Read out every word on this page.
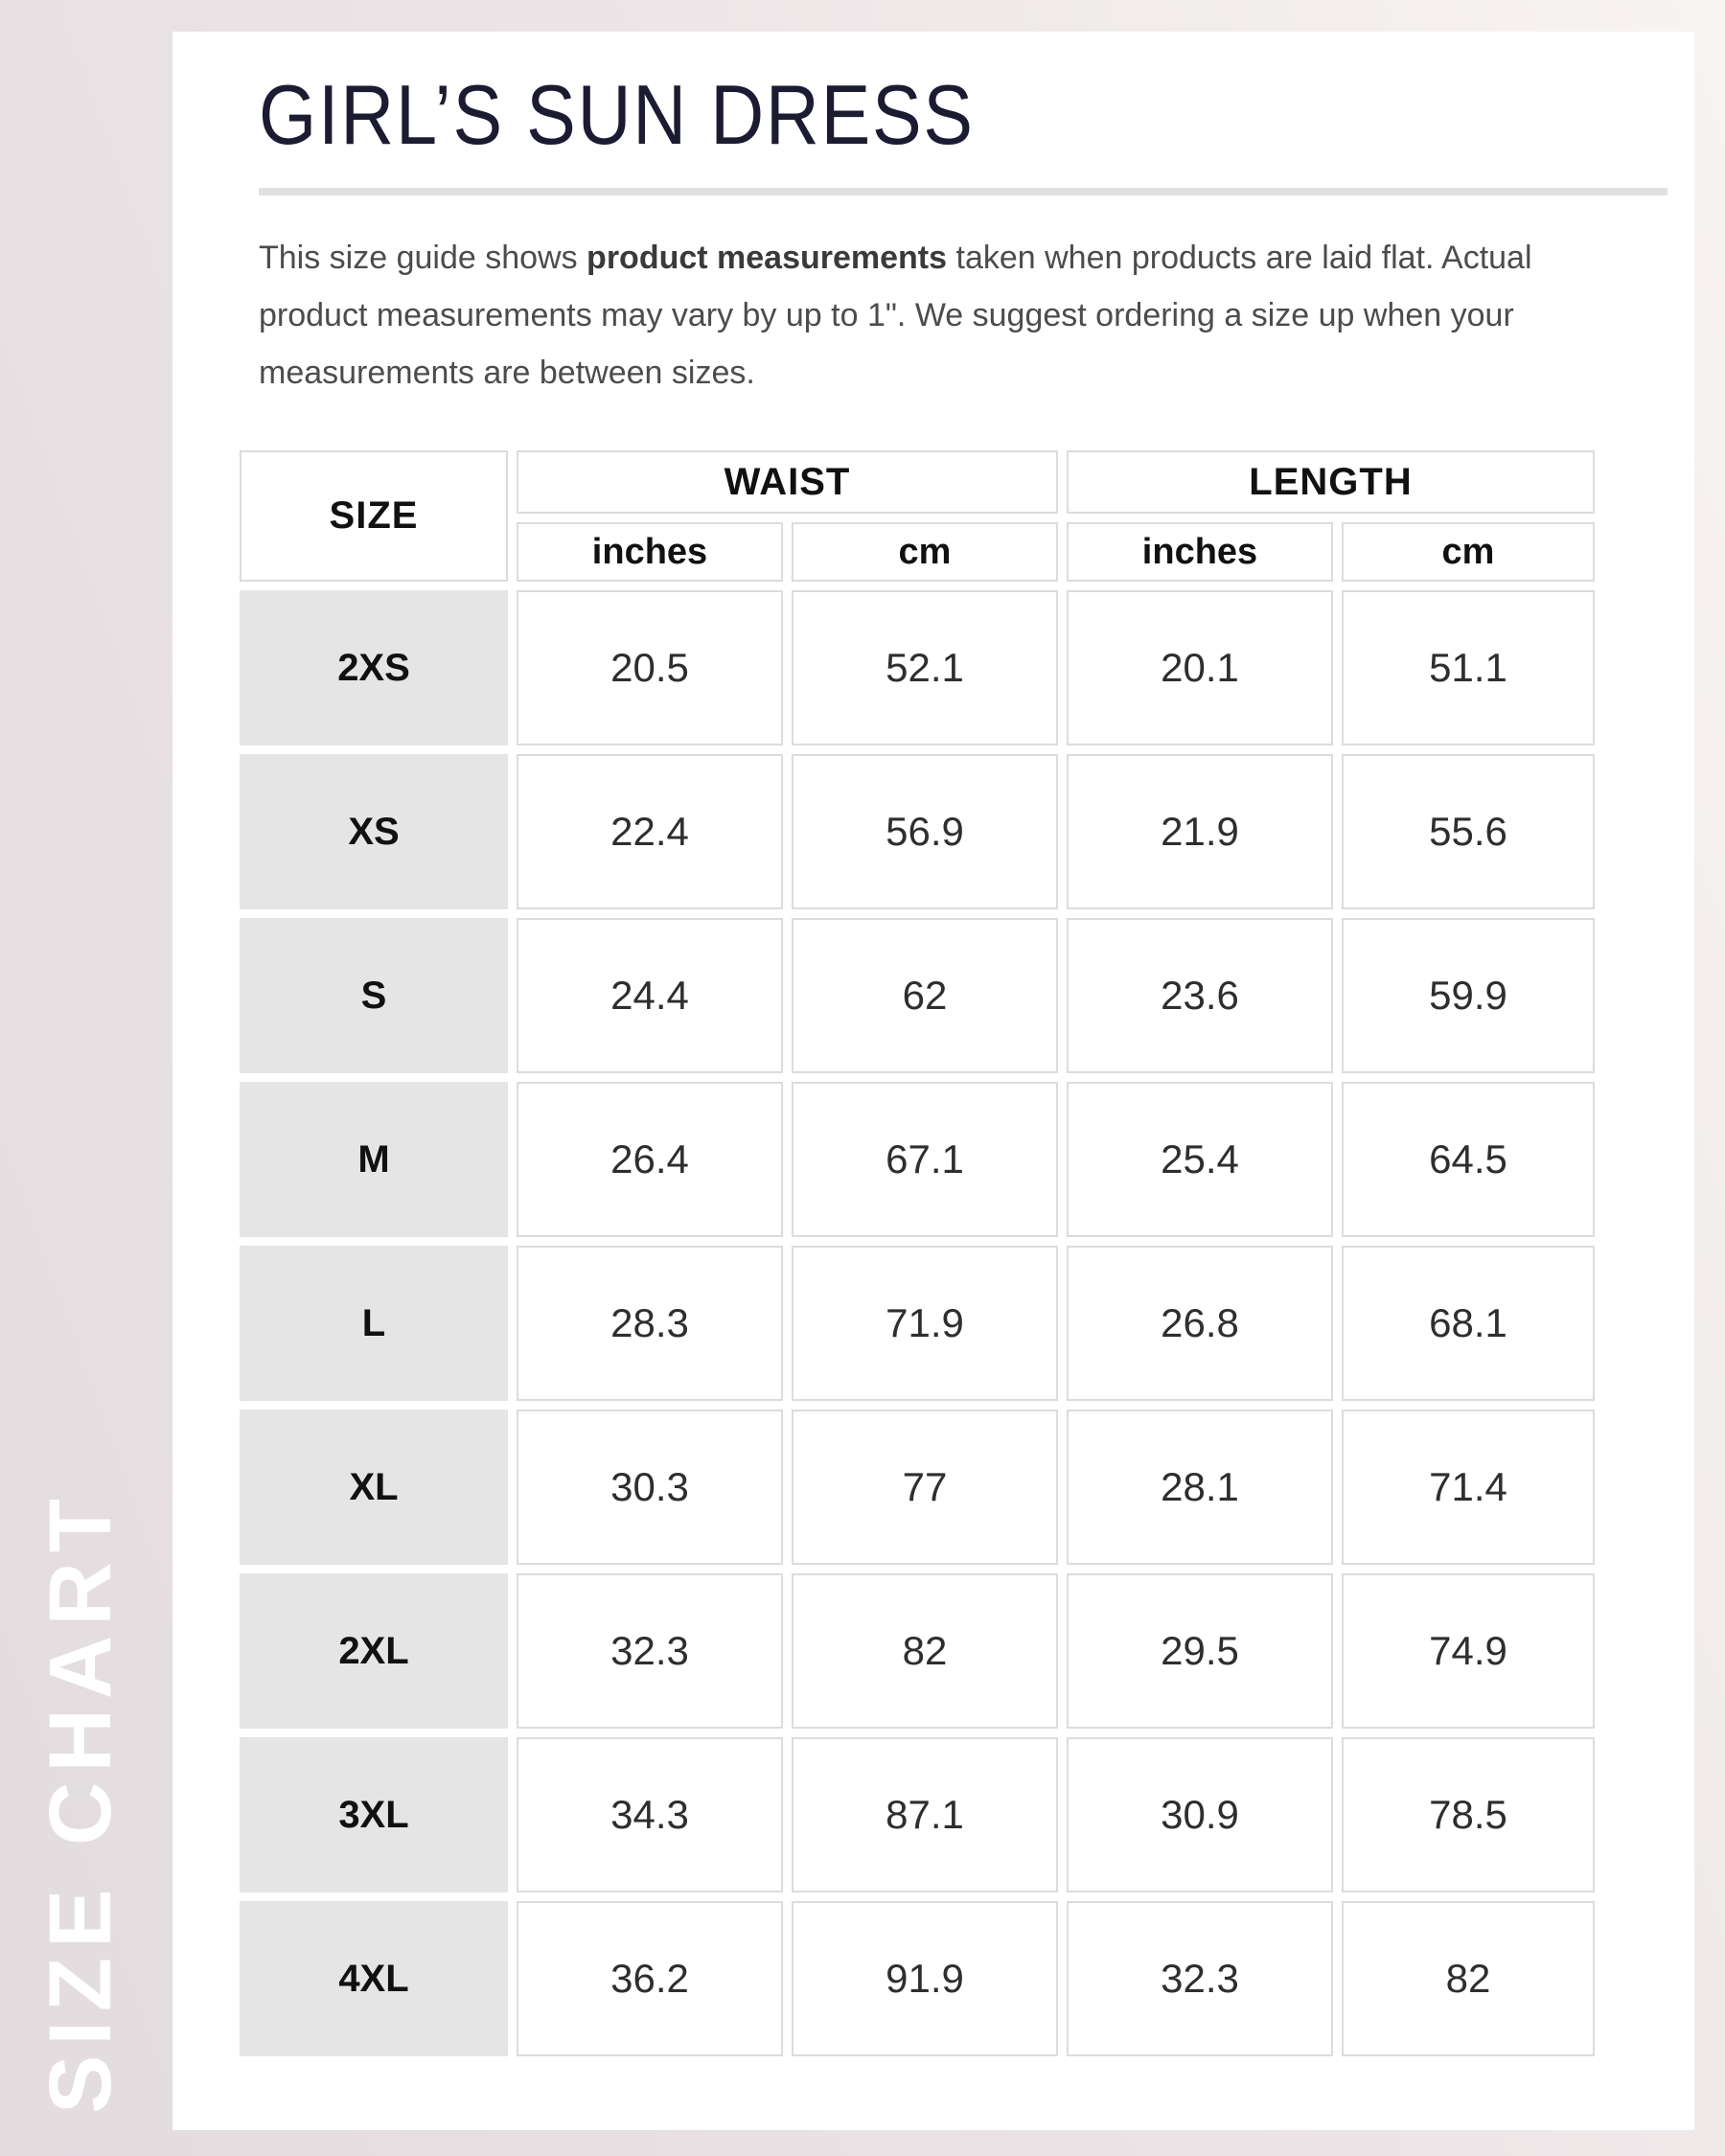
SIZE CHART
GIRL’S SUN DRESS

This size guide shows product measurements taken when products are laid flat. Actual product measurements may vary by up to 1". We suggest ordering a size up when your measurements are between sizes.

SIZE	WAIST		LENGTH	
	inches	cm	inches	cm
2XS	20.5	52.1	20.1	51.1
XS	22.4	56.9	21.9	55.6
S	24.4	62	23.6	59.9
M	26.4	67.1	25.4	64.5
L	28.3	71.9	26.8	68.1
XL	30.3	77	28.1	71.4
2XL	32.3	82	29.5	74.9
3XL	34.3	87.1	30.9	78.5
4XL	36.2	91.9	32.3	82
